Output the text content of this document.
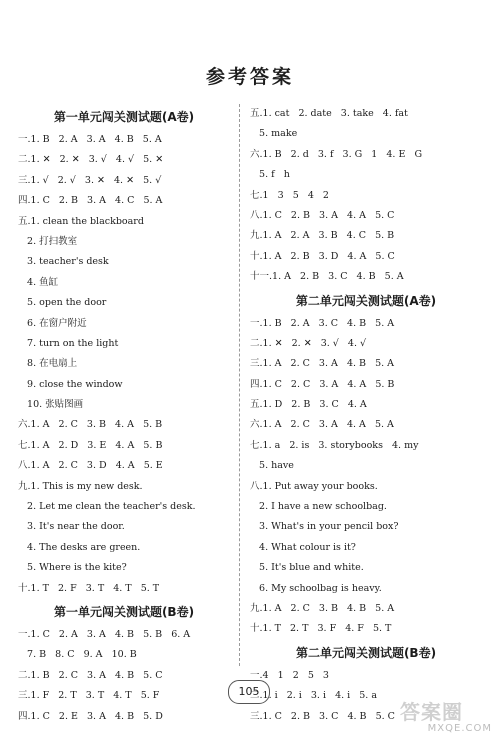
参考答案
第一单元闯关测试题(A卷)
一.1. B   2. A   3. A   4. B   5. A
二.1. ✕   2. ✕   3. √   4. √   5. ✕
三.1. √   2. √   3. ✕   4. ✕   5. √
四.1. C   2. B   3. A   4. C   5. A
五.1. clean the blackboard
2. 打扫教室
3. teacher's desk
4. 鱼缸
5. open the door
6. 在窗户附近
7. turn on the light
8. 在电扇上
9. close the window
10. 张贴图画
六.1. A   2. C   3. B   4. A   5. B
七.1. A   2. D   3. E   4. A   5. B
八.1. A   2. C   3. D   4. A   5. E
九.1. This is my new desk.
2. Let me clean the teacher's desk.
3. It's near the door.
4. The desks are green.
5. Where is the kite?
十.1. T   2. F   3. T   4. T   5. T
第一单元闯关测试题(B卷)
一.1. C   2. A   3. A   4. B   5. B   6. A
7. B   8. C   9. A   10. B
二.1. B   2. C   3. A   4. B   5. C
三.1. F   2. T   3. T   4. T   5. F
四.1. C   2. E   3. A   4. B   5. D
五.1. cat   2. date   3. take   4. fat
5. make
六.1. B   2. d   3. f   3. G   1   4. E   G
5. f   h
七.1   3   5   4   2
八.1. C   2. B   3. A   4. A   5. C
九.1. A   2. A   3. B   4. C   5. B
十.1. A   2. B   3. D   4. A   5. C
十一.1. A   2. B   3. C   4. B   5. A
第二单元闯关测试题(A卷)
一.1. B   2. A   3. C   4. B   5. A
二.1. ✕   2. ✕   3. √   4. √
三.1. A   2. C   3. A   4. B   5. A
四.1. C   2. C   3. A   4. A   5. B
五.1. D   2. B   3. C   4. A
六.1. A   2. C   3. A   4. A   5. A
七.1. a   2. is   3. storybooks   4. my
5. have
八.1. Put away your books.
2. I have a new schoolbag.
3. What's in your pencil box?
4. What colour is it?
5. It's blue and white.
6. My schoolbag is heavy.
九.1. A   2. C   3. B   4. B   5. A
十.1. T   2. T   3. F   4. F   5. T
第二单元闯关测试题(B卷)
一.4   1   2   5   3
二.1. i   2. i   3. i   4. i   5. a
三.1. C   2. B   3. C   4. B   5. C
105
答案圈
MXQE.COM
